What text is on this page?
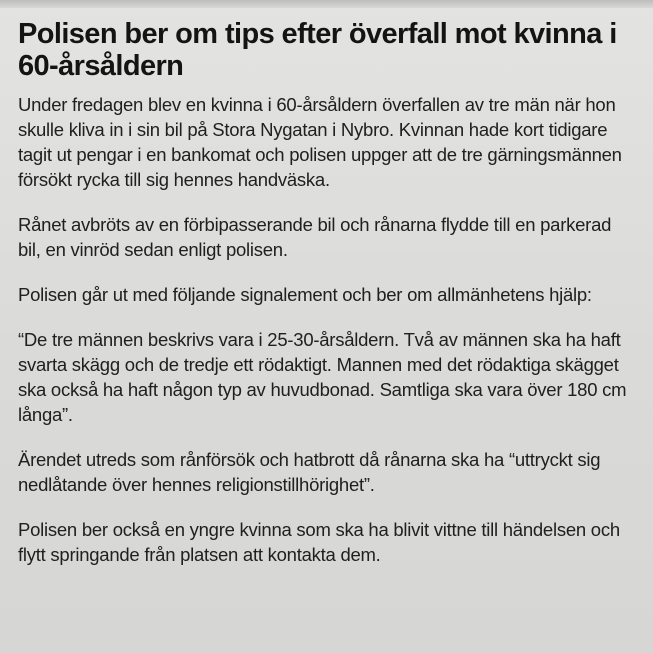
Polisen ber om tips efter överfall mot kvinna i 60-årsåldern

Under fredagen blev en kvinna i 60-årsåldern överfallen av tre män när hon skulle kliva in i sin bil på Stora Nygatan i Nybro. Kvinnan hade kort tidigare tagit ut pengar i en bankomat och polisen uppger att de tre gärningsmännen försökt rycka till sig hennes handväska.

Rånet avbröts av en förbipasserande bil och rånarna flydde till en parkerad bil, en vinröd sedan enligt polisen.

Polisen går ut med följande signalement och ber om allmänhetens hjälp:

“De tre männen beskrivs vara i 25-30-årsåldern. Två av männen ska ha haft svarta skägg och de tredje ett rödaktigt. Mannen med det rödaktiga skägget ska också ha haft någon typ av huvudbonad. Samtliga ska vara över 180 cm långa”.

Ärendet utreds som rånförsök och hatbrott då rånarna ska ha “uttryckt sig nedlåtande över hennes religionstillhörighet”.

Polisen ber också en yngre kvinna som ska ha blivit vittne till händelsen och flytt springande från platsen att kontakta dem.
